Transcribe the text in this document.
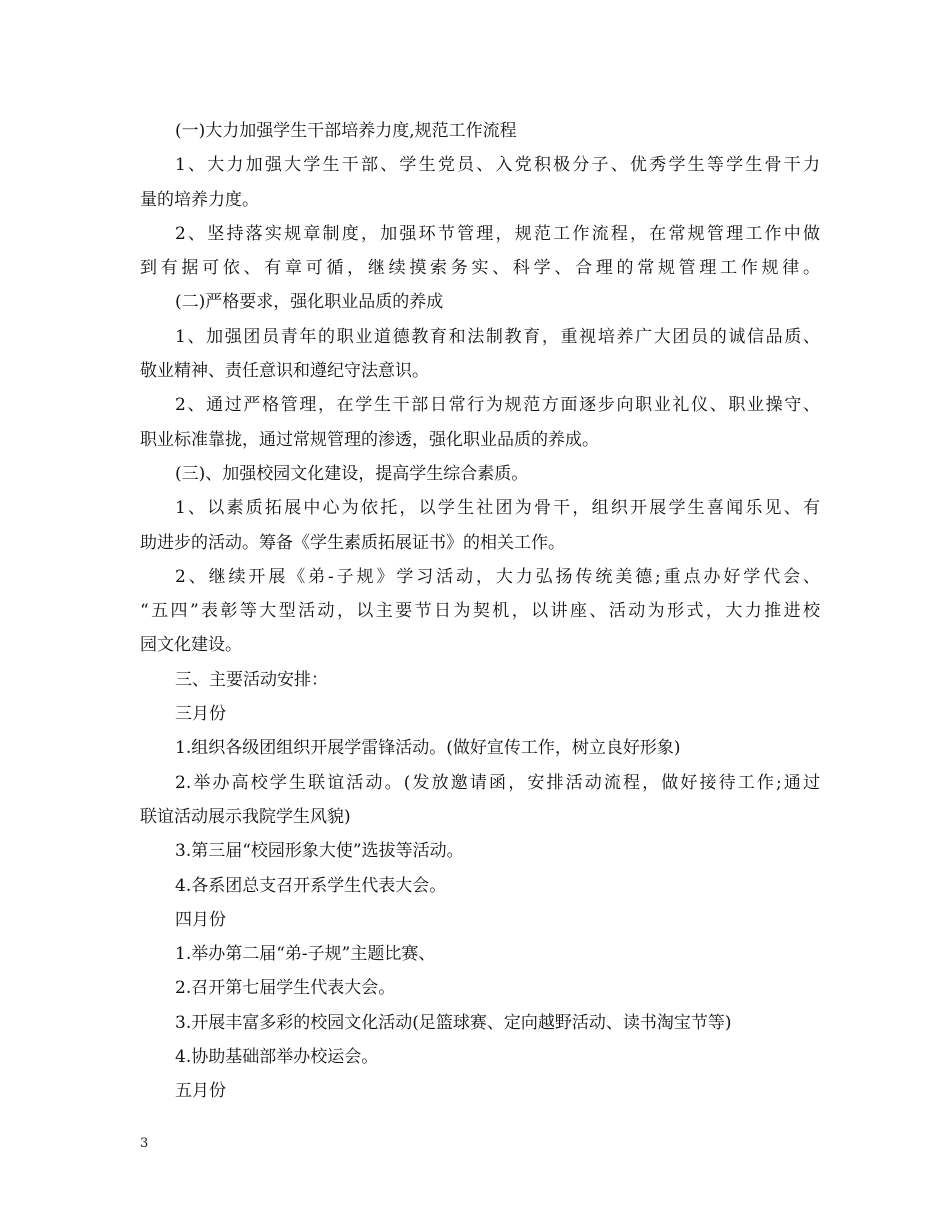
(一)大力加强学生干部培养力度,规范工作流程
1、大力加强大学生干部、学生党员、入党积极分子、优秀学生等学生骨干力
量的培养力度。
2、坚持落实规章制度，加强环节管理，规范工作流程，在常规管理工作中做
到有据可依、有章可循，继续摸索务实、科学、合理的常规管理工作规律。
(二)严格要求，强化职业品质的养成
1、加强团员青年的职业道德教育和法制教育，重视培养广大团员的诚信品质、
敬业精神、责任意识和遵纪守法意识。
2、通过严格管理，在学生干部日常行为规范方面逐步向职业礼仪、职业操守、
职业标准靠拢，通过常规管理的渗透，强化职业品质的养成。
(三)、加强校园文化建设，提高学生综合素质。
1、以素质拓展中心为依托，以学生社团为骨干，组织开展学生喜闻乐见、有
助进步的活动。筹备《学生素质拓展证书》的相关工作。
2、继续开展《弟-子规》学习活动，大力弘扬传统美德;重点办好学代会、
“五四”表彰等大型活动，以主要节日为契机，以讲座、活动为形式，大力推进校
园文化建设。
三、主要活动安排：
三月份
1.组织各级团组织开展学雷锋活动。(做好宣传工作，树立良好形象)
2.举办高校学生联谊活动。(发放邀请函，安排活动流程，做好接待工作;通过
联谊活动展示我院学生风貌)
3.第三届“校园形象大使”选拔等活动。
4.各系团总支召开系学生代表大会。
四月份
1.举办第二届“弟-子规”主题比赛、
2.召开第七届学生代表大会。
3.开展丰富多彩的校园文化活动(足篮球赛、定向越野活动、读书淘宝节等)
4.协助基础部举办校运会。
五月份
3
